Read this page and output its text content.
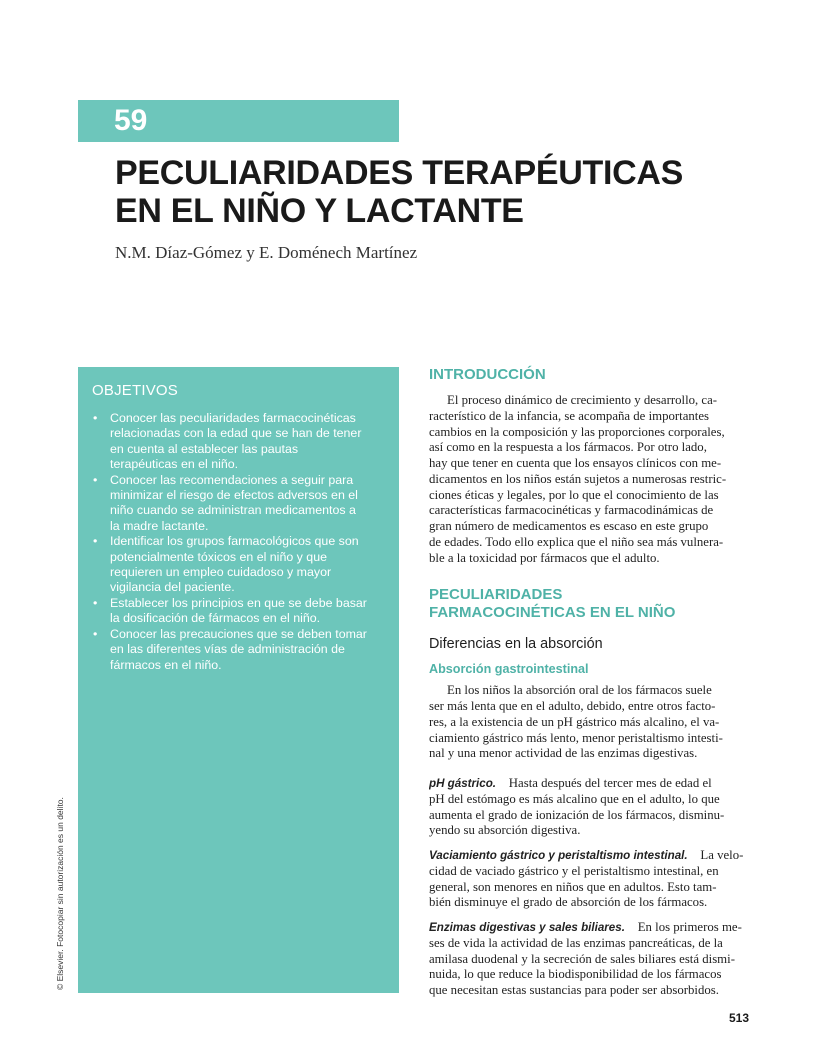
59
PECULIARIDADES TERAPÉUTICAS
EN EL NIÑO Y LACTANTE
N.M. Díaz-Gómez y E. Doménech Martínez
OBJETIVOS
• Conocer las peculiaridades farmacocinéticas
relacionadas con la edad que se han de tener
en cuenta al establecer las pautas
terapéuticas en el niño.
• Conocer las recomendaciones a seguir para
minimizar el riesgo de efectos adversos en el
niño cuando se administran medicamentos a
la madre lactante.
• Identificar los grupos farmacológicos que son
potencialmente tóxicos en el niño y que
requieren un empleo cuidadoso y mayor
vigilancia del paciente.
• Establecer los principios en que se debe basar
la dosificación de fármacos en el niño.
• Conocer las precauciones que se deben tomar
en las diferentes vías de administración de
fármacos en el niño.
INTRODUCCIÓN
El proceso dinámico de crecimiento y desarrollo, ca-
racterístico de la infancia, se acompaña de importantes
cambios en la composición y las proporciones corporales,
así como en la respuesta a los fármacos. Por otro lado,
hay que tener en cuenta que los ensayos clínicos con me-
dicamentos en los niños están sujetos a numerosas restric-
ciones éticas y legales, por lo que el conocimiento de las
características farmacocinéticas y farmacodinámicas de
gran número de medicamentos es escaso en este grupo
de edades. Todo ello explica que el niño sea más vulnera-
ble a la toxicidad por fármacos que el adulto.
PECULIARIDADES
FARMACOCINÉTICAS EN EL NIÑO
Diferencias en la absorción
Absorción gastrointestinal
En los niños la absorción oral de los fármacos suele
ser más lenta que en el adulto, debido, entre otros facto-
res, a la existencia de un pH gástrico más alcalino, el va-
ciamiento gástrico más lento, menor peristaltismo intesti-
nal y una menor actividad de las enzimas digestivas.
pH gástrico. Hasta después del tercer mes de edad el
pH del estómago es más alcalino que en el adulto, lo que
aumenta el grado de ionización de los fármacos, disminu-
yendo su absorción digestiva.
Vaciamiento gástrico y peristaltismo intestinal. La velo-
cidad de vaciado gástrico y el peristaltismo intestinal, en
general, son menores en niños que en adultos. Esto tam-
bién disminuye el grado de absorción de los fármacos.
Enzimas digestivas y sales biliares. En los primeros me-
ses de vida la actividad de las enzimas pancreáticas, de la
amilasa duodenal y la secreción de sales biliares está dismi-
nuida, lo que reduce la biodisponibilidad de los fármacos
que necesitan estas sustancias para poder ser absorbidos.
513
© Elsevier. Fotocopiar sin autorización es un delito.
